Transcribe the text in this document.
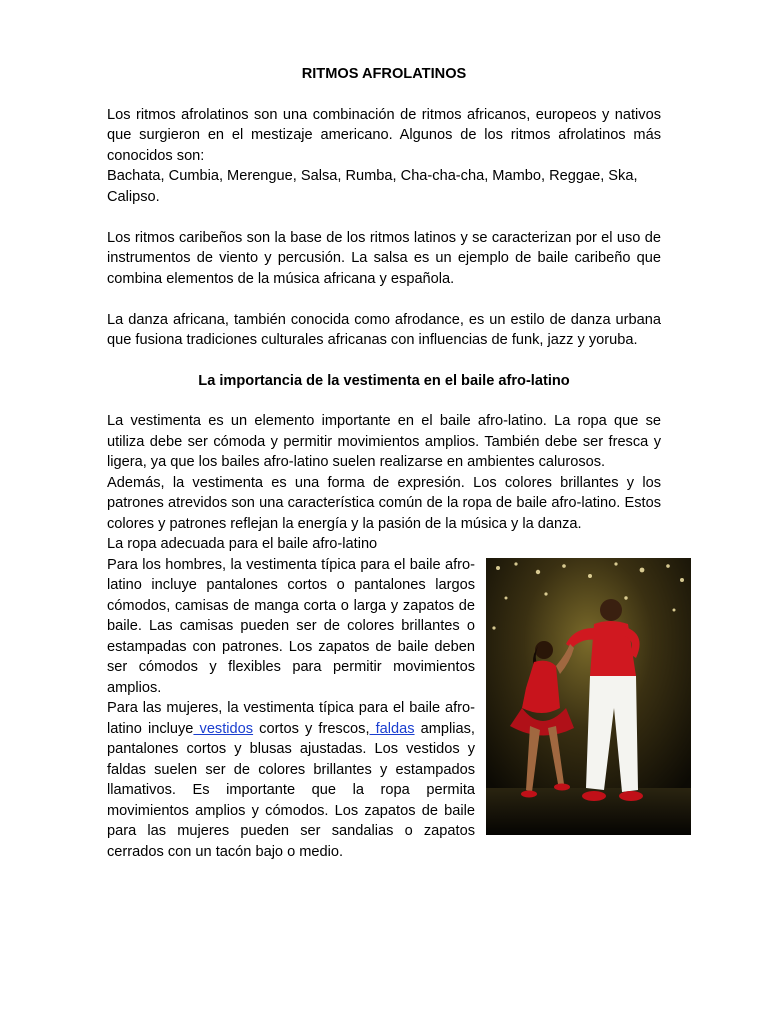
RITMOS AFROLATINOS

Los ritmos afrolatinos son una combinación de ritmos africanos, europeos y nativos que surgieron en el mestizaje americano. Algunos de los ritmos afrolatinos más conocidos son:

Bachata, Cumbia, Merengue, Salsa, Rumba, Cha-cha-cha, Mambo, Reggae, Ska, Calipso.

Los ritmos caribeños son la base de los ritmos latinos y se caracterizan por el uso de instrumentos de viento y percusión. La salsa es un ejemplo de baile caribeño que combina elementos de la música africana y española.

La danza africana, también conocida como afrodance, es un estilo de danza urbana que fusiona tradiciones culturales africanas con influencias de funk, jazz y yoruba.

La importancia de la vestimenta en el baile afro-latino

La vestimenta es un elemento importante en el baile afro-latino. La ropa que se utiliza debe ser cómoda y permitir movimientos amplios. También debe ser fresca y ligera, ya que los bailes afro-latino suelen realizarse en ambientes calurosos.

Además, la vestimenta es una forma de expresión. Los colores brillantes y los patrones atrevidos son una característica común de la ropa de baile afro-latino. Estos colores y patrones reflejan la energía y la pasión de la música y la danza.

La ropa adecuada para el baile afro-latino

Para los hombres, la vestimenta típica para el baile afro-latino incluye pantalones cortos o pantalones largos cómodos, camisas de manga corta o larga y zapatos de baile. Las camisas pueden ser de colores brillantes o estampadas con patrones. Los zapatos de baile deben ser cómodos y flexibles para permitir movimientos amplios.

Para las mujeres, la vestimenta típica para el baile afro-latino incluye vestidos cortos y frescos, faldas amplias, pantalones cortos y blusas ajustadas. Los vestidos y faldas suelen ser de colores brillantes y estampados llamativos. Es importante que la ropa permita movimientos amplios y cómodos. Los zapatos de baile para las mujeres pueden ser sandalias o zapatos cerrados con un tacón bajo o medio.
